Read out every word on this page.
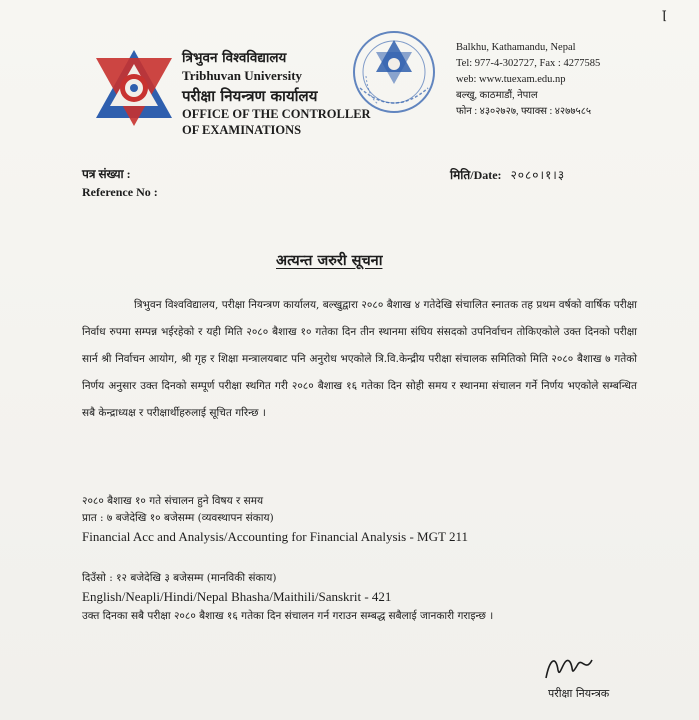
ꞁ
त्रिभुवन विश्वविद्यालय
Tribhuvan University
परीक्षा नियन्त्रण कार्यालय
OFFICE OF THE CONTROLLER
OF EXAMINATIONS
Balkhu, Kathamandu, Nepal
Tel: 977-4-302727, Fax : 4277585
web: www.tuexam.edu.np
बल्खु, काठमाडौं, नेपाल
फोन : ४३०२७२७, फ्याक्स : ४२७७५८५
पत्र संख्या :
Reference No :
मिति/Date: २०८०।१।३
अत्यन्त जरुरी सूचना
त्रिभुवन विश्वविद्यालय, परीक्षा नियन्त्रण कार्यालय, बल्खुद्वारा २०८० बैशाख ४ गतेदेखि संचालित स्नातक तह प्रथम वर्षको वार्षिक परीक्षा निर्वाध रुपमा सम्पन्न भईरहेको र यही मिति २०८० बैशाख १० गतेका दिन तीन स्थानमा संघिय संसदको उपनिर्वाचन तोकिएकोले उक्त दिनको परीक्षा सार्न श्री निर्वाचन आयोग, श्री गृह र शिक्षा मन्त्रालयबाट पनि अनुरोध भएकोले त्रि.वि.केन्द्रीय परीक्षा संचालक समितिको मिति २०८० बैशाख ७ गतेको निर्णय अनुसार उक्त दिनको सम्पूर्ण परीक्षा स्थगित गरी २०८० बैशाख १६ गतेका दिन सोही समय र स्थानमा संचालन गर्ने निर्णय भएकोले सम्बन्धित सबै केन्द्राध्यक्ष र परीक्षार्थीहरुलाई सूचित गरिन्छ ।
२०८० बैशाख १० गते संचालन हुने विषय र समय
प्रात : ७ बजेदेखि १० बजेसम्म (व्यवस्थापन संकाय)
Financial Acc and Analysis/Accounting for Financial Analysis - MGT 211
दिउँसो : १२ बजेदेखि ३ बजेसम्म (मानविकी संकाय)
English/Neapli/Hindi/Nepal Bhasha/Maithili/Sanskrit - 421
उक्त दिनका सबै परीक्षा २०८० बैशाख १६ गतेका दिन संचालन गर्न गराउन सम्बद्ध सबैलाई जानकारी गराइन्छ ।
परीक्षा नियन्त्रक
